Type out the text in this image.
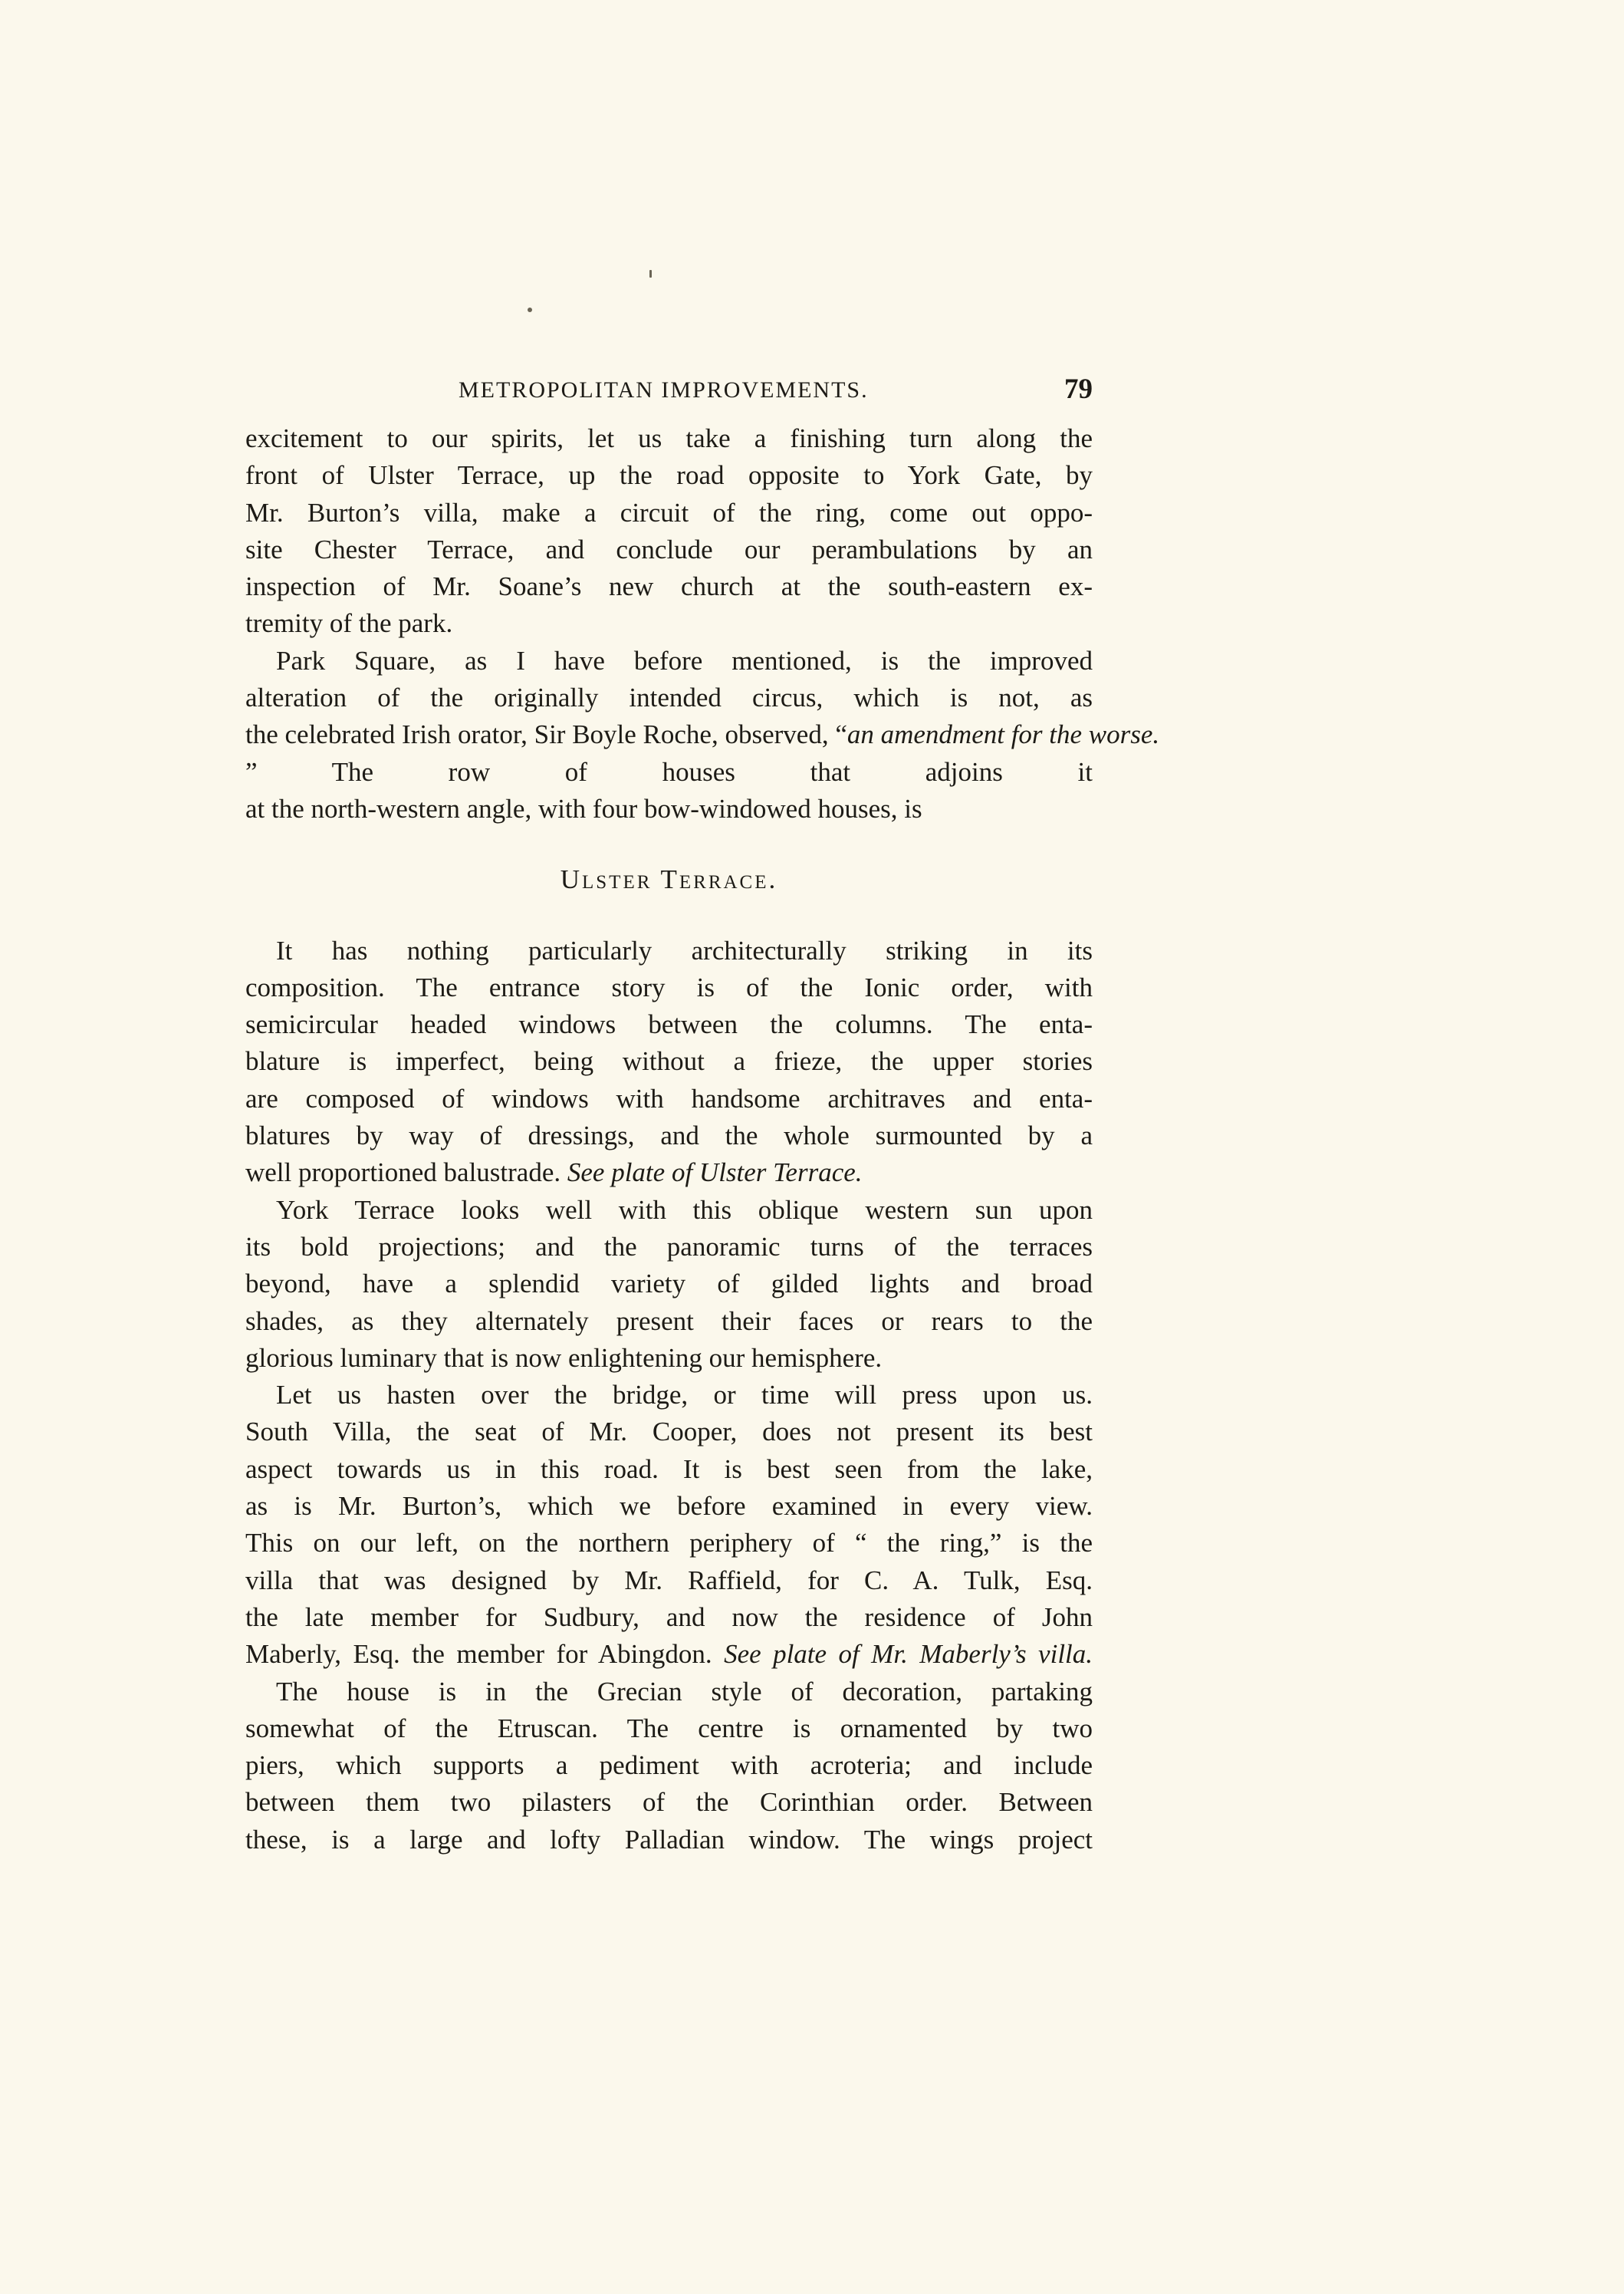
METROPOLITAN IMPROVEMENTS.	79
excitement to our spirits, let us take a finishing turn along the
front of Ulster Terrace, up the road opposite to York Gate, by
Mr. Burton’s villa, make a circuit of the ring, come out oppo-
site Chester Terrace, and conclude our perambulations by an
inspection of Mr. Soane’s new church at the south-eastern ex-
tremity of the park.
Park Square, as I have before mentioned, is the improved
alteration of the originally intended circus, which is not, as
the celebrated Irish orator, Sir Boyle Roche, observed, “an amendment for the worse.
” The row of houses that adjoins it
at the north-western angle, with four bow-windowed houses, is
Ulster Terrace.
It has nothing particularly architecturally striking in its
composition. The entrance story is of the Ionic order, with
semicircular headed windows between the columns. The enta-
blature is imperfect, being without a frieze, the upper stories
are composed of windows with handsome architraves and enta-
blatures by way of dressings, and the whole surmounted by a
well proportioned balustrade. See plate of Ulster Terrace.
York Terrace looks well with this oblique western sun upon
its bold projections; and the panoramic turns of the terraces
beyond, have a splendid variety of gilded lights and broad
shades, as they alternately present their faces or rears to the
glorious luminary that is now enlightening our hemisphere.
Let us hasten over the bridge, or time will press upon us.
South Villa, the seat of Mr. Cooper, does not present its best
aspect towards us in this road. It is best seen from the lake,
as is Mr. Burton’s, which we before examined in every view.
This on our left, on the northern periphery of “ the ring,” is the
villa that was designed by Mr. Raffield, for C. A. Tulk, Esq.
the late member for Sudbury, and now the residence of John
Maberly, Esq. the member for Abingdon. See plate of Mr. Maberly’s villa.
The house is in the Grecian style of decoration, partaking
somewhat of the Etruscan. The centre is ornamented by two
piers, which supports a pediment with acroteria; and include
between them two pilasters of the Corinthian order. Between
these, is a large and lofty Palladian window. The wings project
